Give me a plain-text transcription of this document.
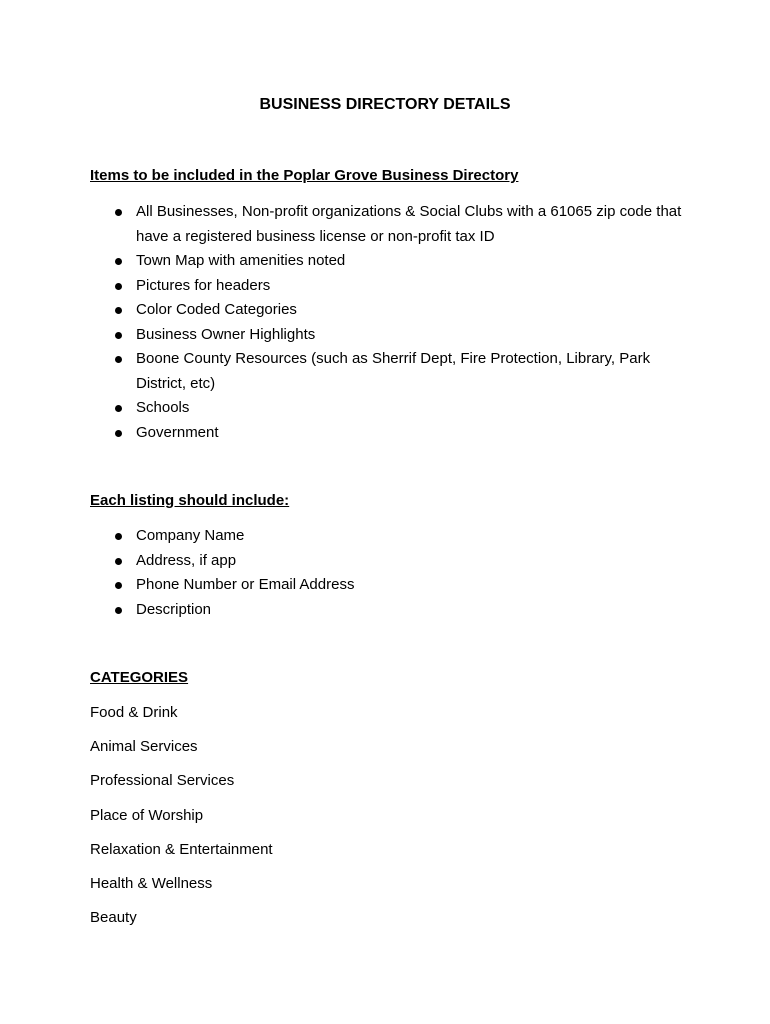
BUSINESS DIRECTORY DETAILS
Items to be included in the Poplar Grove Business Directory
All Businesses, Non-profit organizations & Social Clubs with a 61065 zip code that have a registered business license or non-profit tax ID
Town Map with amenities noted
Pictures for headers
Color Coded Categories
Business Owner Highlights
Boone County Resources (such as Sherrif Dept, Fire Protection, Library, Park District, etc)
Schools
Government
Each listing should include:
Company Name
Address, if app
Phone Number or Email Address
Description
CATEGORIES
Food & Drink
Animal Services
Professional Services
Place of Worship
Relaxation & Entertainment
Health & Wellness
Beauty
